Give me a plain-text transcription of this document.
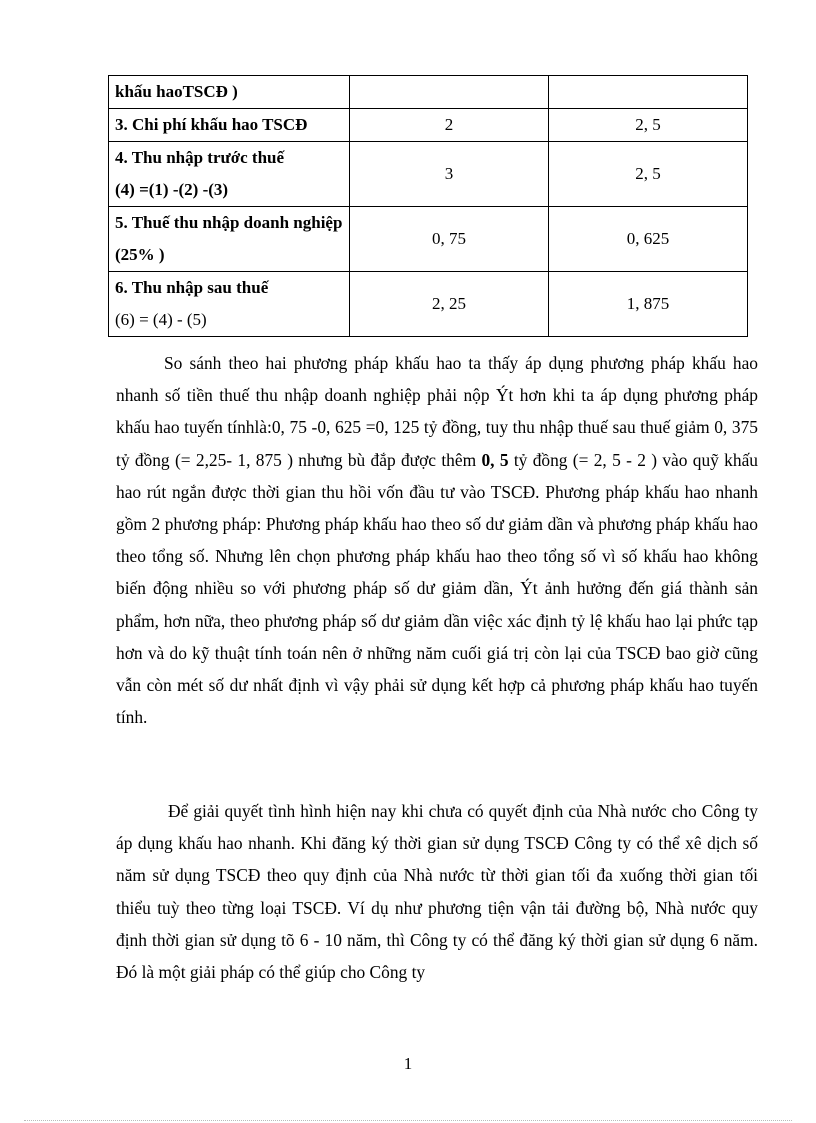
khấu haoTSCĐ )		
3. Chi phí khấu hao TSCĐ	2	2, 5

4. Thu nhập trước thuế
(4) =(1) -(2) -(3)	3	2, 5
5. Thuế thu nhập doanh nghiệp (25% )	0, 75	0, 625

6. Thu nhập sau thuế
(6) = (4) - (5)	2, 25	1, 875

So sánh theo hai phương pháp khấu hao ta thấy áp dụng phương pháp khấu hao nhanh số tiền thuế thu nhập doanh nghiệp phải nộp Ýt hơn khi ta áp dụng phương pháp khấu hao tuyến tínhlà:0, 75 -0, 625 =0, 125 tỷ đồng, tuy thu nhập thuế sau thuế giảm 0, 375 tỷ đồng (= 2,25- 1, 875 ) nhưng bù đắp được thêm 0, 5 tỷ đồng (= 2, 5 - 2 ) vào quỹ khấu hao rút ngắn được thời gian thu hồi vốn đầu tư vào TSCĐ. Phương pháp khấu hao nhanh gồm 2 phương pháp: Phương pháp khấu hao theo số dư giảm dần và phương pháp khấu hao theo tổng số. Nhưng lên chọn phương pháp khấu hao theo tổng số vì số khấu hao không biến động nhiều so với phương pháp số dư giảm dần, Ýt ảnh hưởng đến giá thành sản phẩm, hơn nữa, theo phương pháp số dư giảm dần việc xác định tỷ lệ khấu hao lại phức tạp hơn và do kỹ thuật tính toán nên ở những năm cuối giá trị còn lại của TSCĐ bao giờ cũng vẫn còn mét số dư nhất định vì vậy phải sử dụng kết hợp cả phương pháp khấu hao tuyến tính.

Để giải quyết tình hình hiện nay khi chưa có quyết định của Nhà nước cho Công ty áp dụng khấu hao nhanh. Khi đăng ký thời gian sử dụng TSCĐ Công ty có thể xê dịch số năm sử dụng TSCĐ theo quy định của Nhà nước từ thời gian tối đa xuống thời gian tối thiểu tuỳ theo từng loại TSCĐ. Ví dụ như phương tiện vận tải đường bộ, Nhà nước quy định thời gian sử dụng tõ 6 - 10 năm, thì Công ty có thể đăng ký thời gian sử dụng 6 năm. Đó là một giải pháp có thể giúp cho Công ty

1
